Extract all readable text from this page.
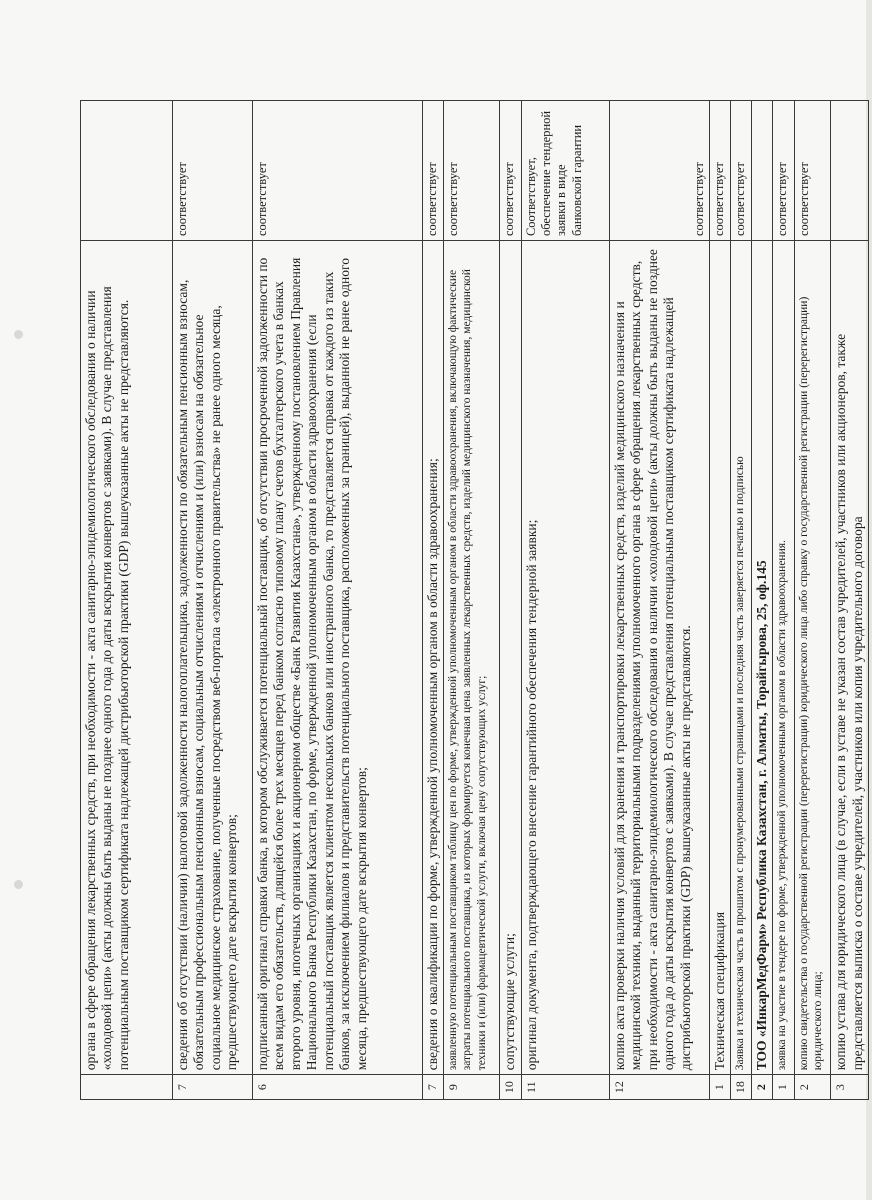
	органа в сфере обращения лекарственных средств, при необходимости - акта санитарно-эпидемиологического обследования о наличии «холодовой цепи» (акты должны быть выданы не позднее одного года до даты вскрытия конвертов с заявками). В случае представления потенциальным поставщиком сертификата надлежащей дистрибьюторской практики (GDP) вышеуказанные акты не представляются.	
7	сведения об отсутствии (наличии) налоговой задолженности налогоплательщика, задолженности по обязательным пенсионным взносам, обязательным профессиональным пенсионным взносам, социальным отчислениям и отчислениям и (или) взносам на обязательное социальное медицинское страхование, полученные посредством веб-портала «электронного правительства» не ранее одного месяца, предшествующего дате вскрытия конвертов;	соответствует
6	подписанный оригинал справки банка, в котором обслуживается потенциальный поставщик, об отсутствии просроченной задолженности по всем видам его обязательств, длящейся более трех месяцев перед банком согласно типовому плану счетов бухгалтерского учета в банках второго уровня, ипотечных организациях и акционерном обществе «Банк Развития Казахстана», утвержденному постановлением Правления Национального Банка Республики Казахстан, по форме, утвержденной уполномоченным органом в области здравоохранения (если потенциальный поставщик является клиентом нескольких банков или иностранного банка, то представляется справка от каждого из таких банков, за исключением филиалов и представительств потенциального поставщика, расположенных за границей), выданной не ранее одного месяца, предшествующего дате вскрытия конвертов;	соответствует
7	сведения о квалификации по форме, утвержденной уполномоченным органом в области здравоохранения;	соответствует
9	заявленную потенциальным поставщиком таблицу цен по форме, утвержденной уполномоченным органом в области здравоохранения, включающую фактические затраты потенциального поставщика, из которых формируется конечная цена заявленных лекарственных средств, изделий медицинского назначения, медицинской техники и (или) фармацевтической услуги, включая цену сопутствующих услуг;	соответствует
10	сопутствующие услуги;	соответствует
11	оригинал документа, подтверждающего внесение гарантийного обеспечения тендерной заявки;	Соответствует, обеспечение тендерной заявки в виде банковской гарантии
12	копию акта проверки наличия условий для хранения и транспортировки лекарственных средств, изделий медицинского назначения и медицинской техники, выданный территориальными подразделениями уполномоченного органа в сфере обращения лекарственных средств, при необходимости - акта санитарно-эпидемиологического обследования о наличии «холодовой цепи» (акты должны быть выданы не позднее одного года до даты вскрытия конвертов с заявками). В случае представления потенциальным поставщиком сертификата надлежащей дистрибьюторской практики (GDP) вышеуказанные акты не представляются.	соответствует
1	Техническая спецификация	соответствует
18	Заявка и техническая часть в прошитом с пронумерованными страницами и последняя часть заверяется печатью и подписью	соответствует
2	ТОО «ИнкарМедФарм» Республика Казахстан, г. Алматы, Торайгырова, 25, оф.145	
1	заявка на участие в тендере по форме, утвержденной уполномоченным органом в области здравоохранения.	соответствует
2	копию свидетельства о государственной регистрации (перерегистрации) юридического лица либо справку о государственной регистрации (перерегистрации) юридического лица;	соответствует
3	копию устава для юридического лица (в случае, если в уставе не указан состав учредителей, участников или акционеров, также представляется выписка о составе учредителей, участников или копия учредительного договора	
